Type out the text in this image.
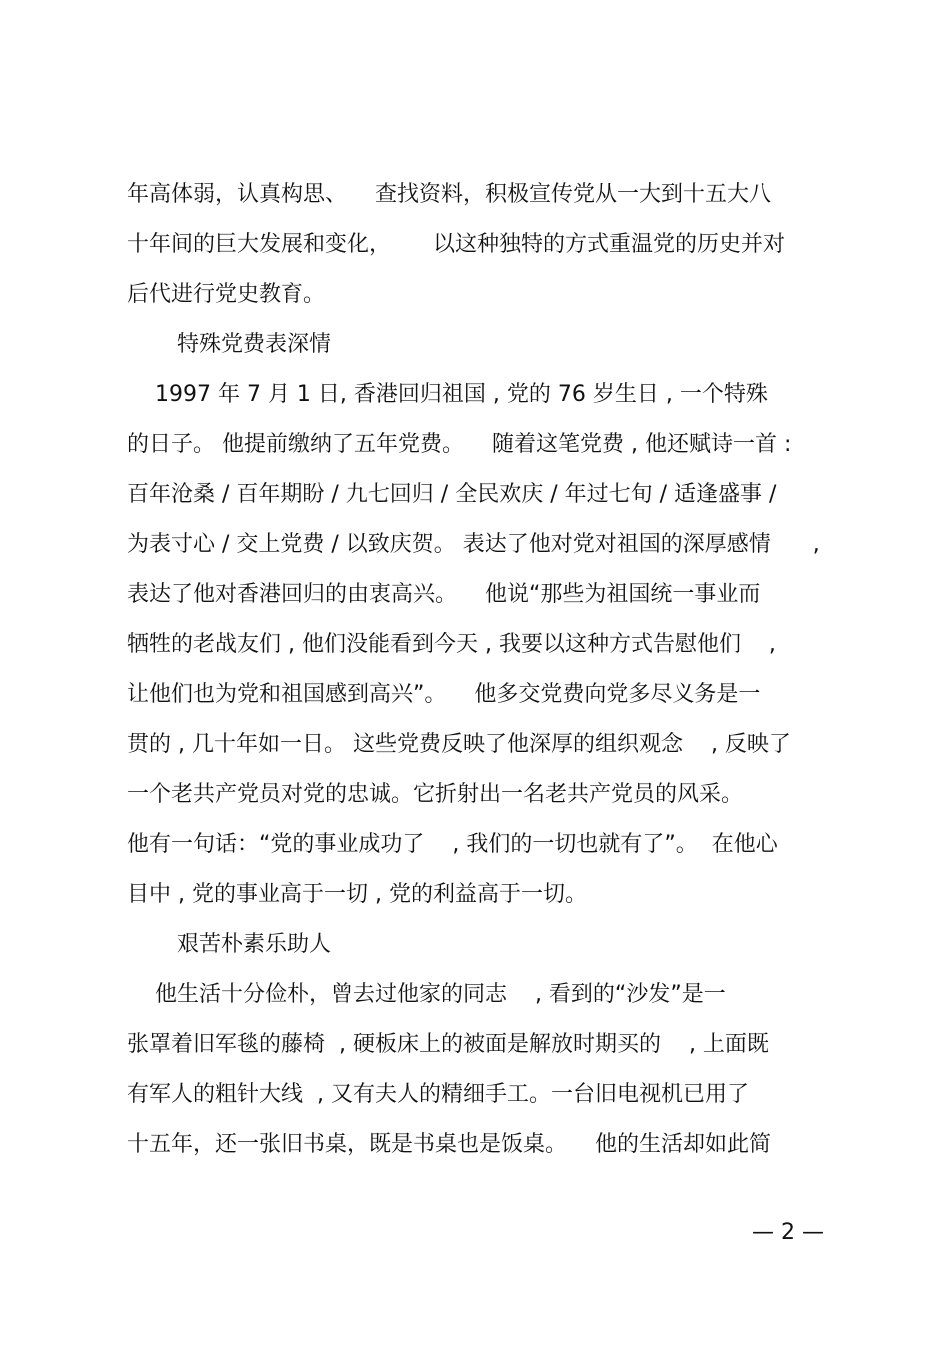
年高体弱，认真构思、    查找资料，积极宣传党从一大到十五大八

十年间的巨大发展和变化，      以这种独特的方式重温党的历史并对

后代进行党史教育。

特殊党费表深情

1997 年 7 月 1 日, 香港回归祖国 , 党的 76 岁生日 , 一个特殊

的日子。 他提前缴纳了五年党费。    随着这笔党费 , 他还赋诗一首 :

百年沧桑 / 百年期盼 / 九七回归 / 全民欢庆 / 年过七旬 / 适逢盛事 /

为表寸心 / 交上党费 / 以致庆贺。 表达了他对党对祖国的深厚感情      ,

表达了他对香港回归的由衷高兴。    他说“那些为祖国统一事业而

牺牲的老战友们 , 他们没能看到今天 , 我要以这种方式告慰他们    ,

让他们也为党和祖国感到高兴”。    他多交党费向党多尽义务是一

贯的 , 几十年如一日。 这些党费反映了他深厚的组织观念    , 反映了

一个老共产党员对党的忠诚。它折射出一名老共产党员的风采。

他有一句话：“党的事业成功了    , 我们的一切也就有了”。  在他心

目中 , 党的事业高于一切 , 党的利益高于一切。

艰苦朴素乐助人

他生活十分俭朴，曾去过他家的同志    , 看到的“沙发”是一

张罩着旧军毯的藤椅  , 硬板床上的被面是解放时期买的    , 上面既

有军人的粗针大线  , 又有夫人的精细手工。一台旧电视机已用了

十五年，还一张旧书桌，既是书桌也是饭桌。    他的生活却如此简

— 2 —
